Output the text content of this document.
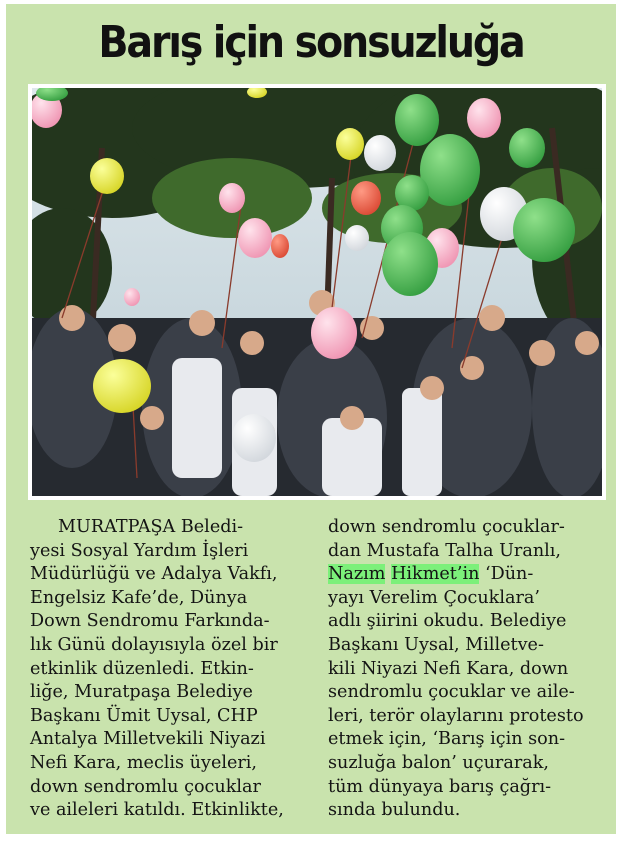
Barış için sonsuzluğa
MURATPAŞA Beledi-
yesi Sosyal Yardım İşleri
Müdürlüğü ve Adalya Vakfı,
Engelsiz Kafe’de, Dünya
Down Sendromu Farkında-
lık Günü dolayısıyla özel bir
etkinlik düzenledi. Etkin-
liğe, Muratpaşa Belediye
Başkanı Ümit Uysal, CHP
Antalya Milletvekili Niyazi
Nefi Kara, meclis üyeleri,
down sendromlu çocuklar
ve aileleri katıldı. Etkinlikte,
down sendromlu çocuklar-
dan Mustafa Talha Uranlı,
Nazım Hikmet’in ‘Dün-
yayı Verelim Çocuklara’
adlı şiirini okudu. Belediye
Başkanı Uysal, Milletve-
kili Niyazi Nefi Kara, down
sendromlu çocuklar ve aile-
leri, terör olaylarını protesto
etmek için, ‘Barış için son-
suzluğa balon’ uçurarak,
tüm dünyaya barış çağrı-
sında bulundu.
